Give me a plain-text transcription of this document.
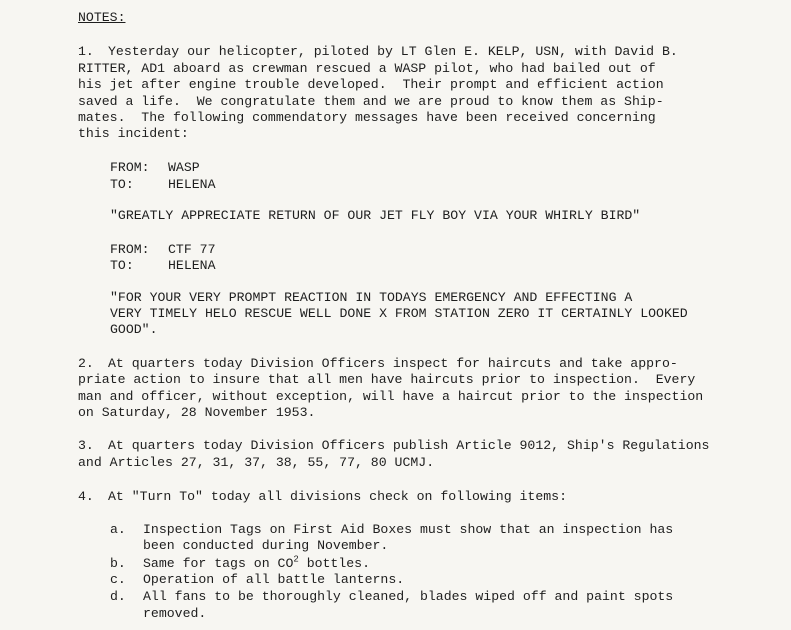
NOTES:
1. Yesterday our helicopter, piloted by LT Glen E. KELP, USN, with David B.
RITTER, AD1 aboard as crewman rescued a WASP pilot, who had bailed out of
his jet after engine trouble developed.  Their prompt and efficient action
saved a life.  We congratulate them and we are proud to know them as Ship-
mates.  The following commendatory messages have been received concerning
this incident:
FROM: WASP
TO:	HELENA
"GREATLY APPRECIATE RETURN OF OUR JET FLY BOY VIA YOUR WHIRLY BIRD"
FROM: CTF 77
TO:	HELENA
"FOR YOUR VERY PROMPT REACTION IN TODAYS EMERGENCY AND EFFECTING A
VERY TIMELY HELO RESCUE WELL DONE X FROM STATION ZERO IT CERTAINLY LOOKED
GOOD".
2. At quarters today Division Officers inspect for haircuts and take appro-
priate action to insure that all men have haircuts prior to inspection.  Every
man and officer, without exception, will have a haircut prior to the inspection
on Saturday, 28 November 1953.
3. At quarters today Division Officers publish Article 9012, Ship's Regulations
and Articles 27, 31, 37, 38, 55, 77, 80 UCMJ.
4. At "Turn To" today all divisions check on following items:
a. Inspection Tags on First Aid Boxes must show that an inspection has
been conducted during November.
b. Same for tags on $CO^2$ bottles.
c. Operation of all battle lanterns.
d. All fans to be thoroughly cleaned, blades wiped off and paint spots
removed.
